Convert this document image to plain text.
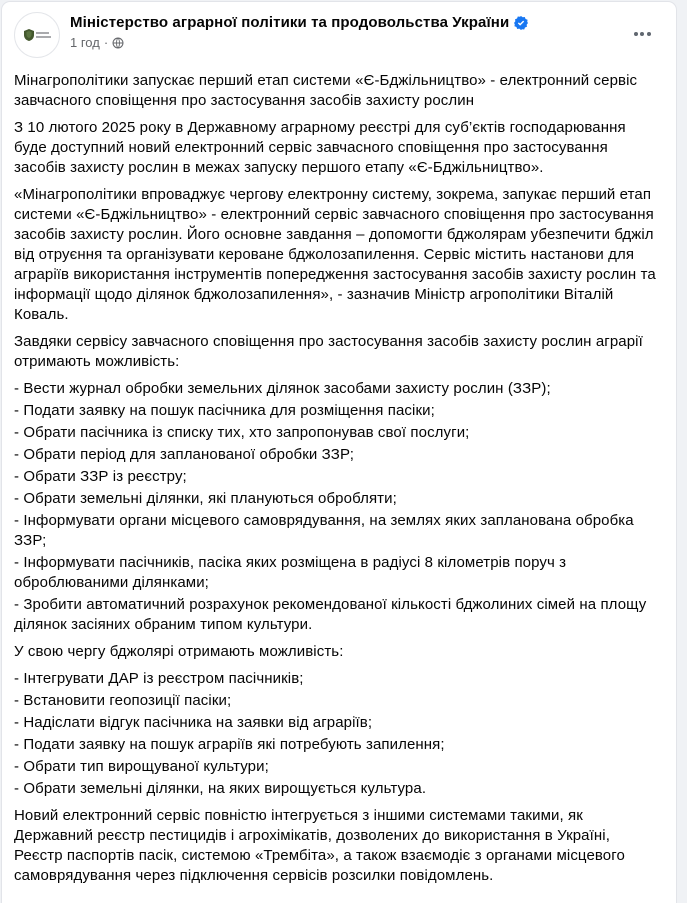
Міністерство аграрної політики та продовольства України
1 год ·
Мінагрополітики запускає перший етап системи «Є-Бджільництво» - електронний сервіс завчасного сповіщення про застосування засобів захисту рослин
З 10 лютого 2025 року в Державному аграрному реєстрі для суб’єктів господарювання буде доступний новий електронний сервіс завчасного сповіщення про застосування засобів захисту рослин в межах запуску першого етапу «Є-Бджільництво».
«Мінагрополітики впроваджує чергову електронну систему, зокрема, запукає перший етап системи «Є-Бджільництво» - електронний сервіс завчасного сповіщення про застосування засобів захисту рослин. Його основне завдання – допомогти бджолярам убезпечити бджіл від отруєння та організувати кероване бджолозапилення. Сервіс містить настанови для аграріїв використання інструментів попередження застосування засобів захисту рослин та інформації щодо ділянок бджолозапилення», - зазначив Міністр агрополітики Віталій Коваль.
Завдяки сервісу завчасного сповіщення про застосування засобів захисту рослин аграрії отримають можливість:
- Вести журнал обробки земельних ділянок засобами захисту рослин (ЗЗР);
- Подати заявку на пошук пасічника для розміщення пасіки;
- Обрати пасічника із списку тих, хто запропонував свої послуги;
- Обрати період для запланованої обробки ЗЗР;
- Обрати ЗЗР із реєстру;
- Обрати земельні ділянки, які плануються обробляти;
- Інформувати органи місцевого самоврядування, на землях яких запланована обробка ЗЗР;
- Інформувати пасічників, пасіка яких розміщена в радіусі 8 кілометрів поруч з оброблюваними ділянками;
- Зробити автоматичний розрахунок рекомендованої кількості бджолиних сімей на площу ділянок засіяних обраним типом культури.
У свою чергу бджолярі отримають можливість:
- Інтегрувати ДАР із реєстром пасічників;
- Встановити геопозиції пасіки;
- Надіслати відгук пасічника на заявки від аграріїв;
- Подати заявку на пошук аграріїв які потребують запилення;
- Обрати тип вирощуваної культури;
- Обрати земельні ділянки, на яких вирощується культура.
Новий електронний сервіс повністю інтегрується з іншими системами такими, як Державний реєстр пестицидів і агрохімікатів, дозволених до використання в Україні, Реєстр паспортів пасік, системою «Трембіта», а також взаємодіє з органами місцевого самоврядування через підключення сервісів розсилки повідомлень.
